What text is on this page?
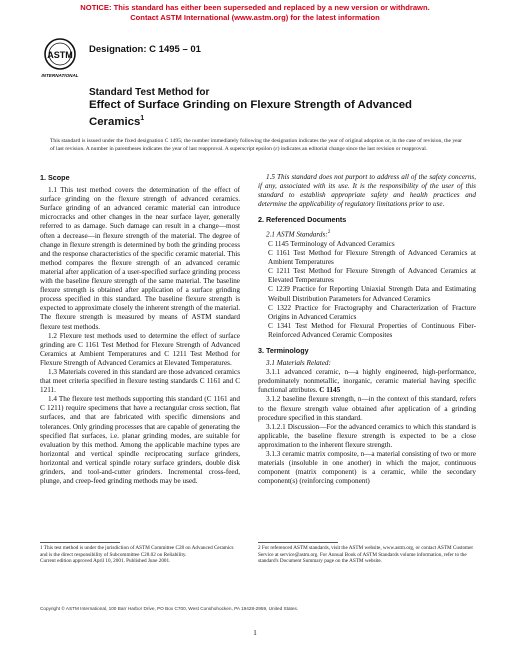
NOTICE: This standard has either been superseded and replaced by a new version or withdrawn.
Contact ASTM International (www.astm.org) for the latest information
ASTM
INTERNATIONAL
Designation: C 1495 – 01
Standard Test Method for
Effect of Surface Grinding on Flexure Strength of Advanced
Ceramics$^1$
This standard is issued under the fixed designation C 1495; the number immediately following the designation indicates the year of original adoption or, in the case of revision, the year of last revision. A number in parentheses indicates the year of last reapproval. A superscript epsilon (ε) indicates an editorial change since the last revision or reapproval.

1. Scope

1.1 This test method covers the determination of the effect of surface grinding on the flexure strength of advanced ceramics. Surface grinding of an advanced ceramic material can introduce microcracks and other changes in the near surface layer, generally referred to as damage. Such damage can result in a change—most often a decrease—in flexure strength of the material. The degree of change in flexure strength is determined by both the grinding process and the response characteristics of the specific ceramic material. This method compares the flexure strength of an advanced ceramic material after application of a user-specified surface grinding process with the baseline flexure strength of the same material. The baseline flexure strength is obtained after application of a surface grinding process specified in this standard. The baseline flexure strength is expected to approximate closely the inherent strength of the material. The flexure strength is measured by means of ASTM standard flexure test methods.

1.2 Flexure test methods used to determine the effect of surface grinding are C 1161 Test Method for Flexure Strength of Advanced Ceramics at Ambient Temperatures and C 1211 Test Method for Flexure Strength of Advanced Ceramics at Elevated Temperatures.

1.3 Materials covered in this standard are those advanced ceramics that meet criteria specified in flexure testing standards C 1161 and C 1211.

1.4 The flexure test methods supporting this standard (C 1161 and C 1211) require specimens that have a rectangular cross section, flat surfaces, and that are fabricated with specific dimensions and tolerances. Only grinding processes that are capable of generating the specified flat surfaces, i.e. planar grinding modes, are suitable for evaluation by this method. Among the applicable machine types are horizontal and vertical spindle reciprocating surface grinders, horizontal and vertical spindle rotary surface grinders, double disk grinders, and tool-and-cutter grinders. Incremental cross-feed, plunge, and creep-feed grinding methods may be used.

1.5 This standard does not purport to address all of the safety concerns, if any, associated with its use. It is the responsibility of the user of this standard to establish appropriate safety and health practices and determine the applicability of regulatory limitations prior to use.

2. Referenced Documents

2.1 ASTM Standards:$^2$

C 1145 Terminology of Advanced Ceramics

C 1161 Test Method for Flexure Strength of Advanced Ceramics at Ambient Temperatures

C 1211 Test Method for Flexure Strength of Advanced Ceramics at Elevated Temperatures

C 1239 Practice for Reporting Uniaxial Strength Data and Estimating Weibull Distribution Parameters for Advanced Ceramics

C 1322 Practice for Fractography and Characterization of Fracture Origins in Advanced Ceramics

C 1341 Test Method for Flexural Properties of Continuous Fiber-Reinforced Advanced Ceramic Composites

3. Terminology

3.1 Materials Related:

3.1.1 advanced ceramic, n—a highly engineered, high-performance, predominately nonmetallic, inorganic, ceramic material having specific functional attributes. C 1145

3.1.2 baseline flexure strength, n—in the context of this standard, refers to the flexure strength value obtained after application of a grinding procedure specified in this standard.

3.1.2.1 Discussion—For the advanced ceramics to which this standard is applicable, the baseline flexure strength is expected to be a close approximation to the inherent flexure strength.

3.1.3 ceramic matrix composite, n—a material consisting of two or more materials (insoluble in one another) in which the major, continuous component (matrix component) is a ceramic, while the secondary component(s) (reinforcing component)

1 This test method is under the jurisdiction of ASTM Committee C28 on Advanced Ceramics and is the direct responsibility of Subcommittee C28.02 on Reliability.
Current edition approved April 10, 2001. Published June 2001.
2 For referenced ASTM standards, visit the ASTM website, www.astm.org, or contact ASTM Customer Service at service@astm.org. For Annual Book of ASTM Standards volume information, refer to the standard's Document Summary page on the ASTM website.
Copyright © ASTM International, 100 Barr Harbor Drive, PO Box C700, West Conshohocken, PA 19428-2959, United States.
1
